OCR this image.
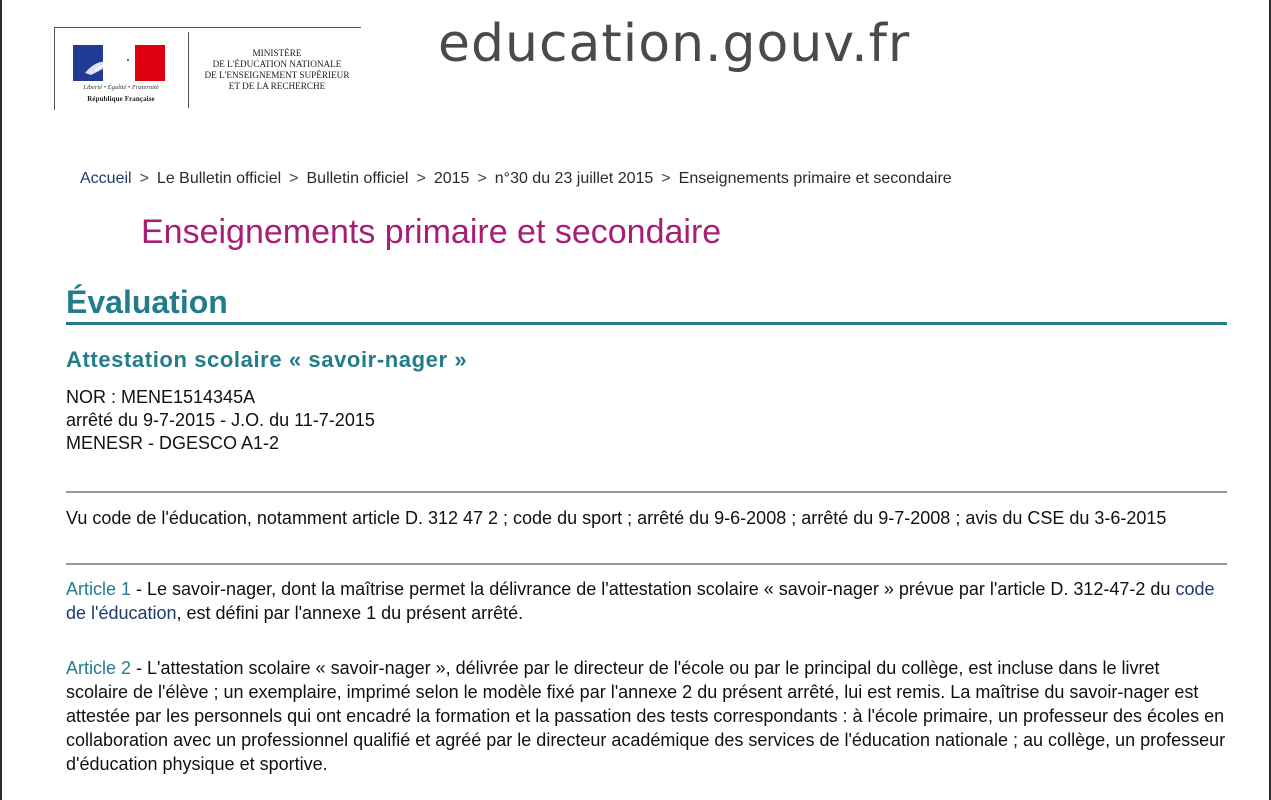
Liberté • Égalité • Fraternité
République Française
MINISTÈRE
DE L'ÉDUCATION NATIONALE
DE L'ENSEIGNEMENT SUPÉRIEUR
ET DE LA RECHERCHE
education.gouv.fr
Accueil > Le Bulletin officiel > Bulletin officiel > 2015 > n°30 du 23 juillet 2015 > Enseignements primaire et secondaire
Enseignements primaire et secondaire
Évaluation
Attestation scolaire « savoir-nager »
NOR : MENE1514345A
arrêté du 9-7-2015 - J.O. du 11-7-2015
MENESR - DGESCO A1-2
Vu code de l'éducation, notamment article D. 312 47 2 ; code du sport ; arrêté du 9-6-2008 ; arrêté du 9-7-2008 ; avis du CSE du 3-6-2015
Article 1 - Le savoir-nager, dont la maîtrise permet la délivrance de l'attestation scolaire « savoir-nager » prévue par l'article D. 312-47-2 du code de l'éducation, est défini par l'annexe 1 du présent arrêté.
Article 2 - L'attestation scolaire « savoir-nager », délivrée par le directeur de l'école ou par le principal du collège, est incluse dans le livret scolaire de l'élève ; un exemplaire, imprimé selon le modèle fixé par l'annexe 2 du présent arrêté, lui est remis. La maîtrise du savoir-nager est attestée par les personnels qui ont encadré la formation et la passation des tests correspondants : à l'école primaire, un professeur des écoles en collaboration avec un professionnel qualifié et agréé par le directeur académique des services de l'éducation nationale ; au collège, un professeur d'éducation physique et sportive.
